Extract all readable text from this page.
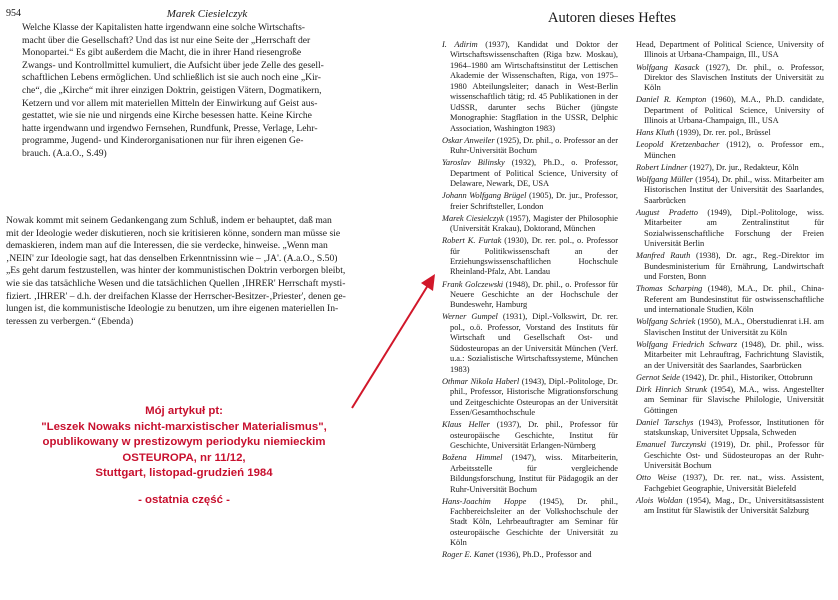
954	Marek Ciesielczyk
Welche Klasse der Kapitalisten hatte irgendwann eine solche Wirtschafts-
macht über die Gesellschaft? Und das ist nur eine Seite der „Herrschaft der
Monopartei.“ Es gibt außerdem die Macht, die in ihrer Hand riesengroße
Zwangs- und Kontrollmittel kumuliert, die Aufsicht über jede Zelle des gesell-
schaftlichen Lebens ermöglichen. Und schließlich ist sie auch noch eine „Kir-
che“, die „Kirche“ mit ihrer einzigen Doktrin, geistigen Vätern, Dogmatikern,
Ketzern und vor allem mit materiellen Mitteln der Einwirkung auf Geist aus-
gestattet, wie sie nie und nirgends eine Kirche besessen hatte. Keine Kirche
hatte irgendwann und irgendwo Fernsehen, Rundfunk, Presse, Verlage, Lehr-
programme, Jugend- und Kinderorganisationen nur für ihren eigenen Ge-
brauch. (A.a.O., S.49)
Nowak kommt mit seinem Gedankengang zum Schluß, indem er behauptet, daß man
mit der Ideologie weder diskutieren, noch sie kritisieren könne, sondern man müsse sie
demaskieren, indem man auf die Interessen, die sie verdecke, hinweise. „Wenn man
‚NEIN' zur Ideologie sagt, hat das denselben Erkenntnissinn wie – ‚JA'. (A.a.O., S.50)
„Es geht darum festzustellen, was hinter der kommunistischen Doktrin verborgen bleibt,
wie sie das tatsächliche Wesen und die tatsächlichen Quellen ‚IHRER' Herrschaft mysti-
fiziert. ‚IHRER' – d.h. der dreifachen Klasse der Herrscher-Besitzer-‚Priester', denen ge-
lungen ist, die kommunistische Ideologie zu benutzen, um ihre eigenen materiellen In-
teressen zu verbergen.“ (Ebenda)
Mój artykuł pt:
"Leszek Nowaks nicht-marxistischer Materialismus",
opublikowany w prestizowym periodyku niemieckim
OSTEUROPA, nr 11/12,
Stuttgart, listopad-grudzień 1984
- ostatnia część -
Autoren dieses Heftes
I. Adirim (1937), Kandidat und Doktor der Wirtschaftswissenschaften (Riga bzw. Moskau), 1964–1980 am Wirtschaftsinstitut der Lettischen Akademie der Wissenschaften, Riga, von 1975–1980 Abteilungsleiter; danach in West-Berlin wissenschaftlich tätig; rd. 45 Publikationen in der UdSSR, darunter sechs Bücher (jüngste Monographie: Stagflation in the USSR, Delphic Association, Washington 1983)
Oskar Anweiler (1925), Dr. phil., o. Professor an der Ruhr-Universität Bochum
Yaroslav Bilinsky (1932), Ph.D., o. Professor, Department of Political Science, University of Delaware, Newark, DE, USA
Johann Wolfgang Brügel (1905), Dr. jur., Professor, freier Schriftsteller, London
Marek Ciesielczyk (1957), Magister der Philosophie (Universität Krakau), Doktorand, München
Robert K. Furtak (1930), Dr. rer. pol., o. Professor für Politikwissenschaft an der Erziehungswissenschaftlichen Hochschule Rheinland-Pfalz, Abt. Landau
Frank Golczewski (1948), Dr. phil., o. Professor für Neuere Geschichte an der Hochschule der Bundeswehr, Hamburg
Werner Gumpel (1931), Dipl.-Volkswirt, Dr. rer. pol., o.ö. Professor, Vorstand des Instituts für Wirtschaft und Gesellschaft Ost- und Südosteuropas an der Universität München (Verf. u.a.: Sozialistische Wirtschaftssysteme, München 1983)
Othmar Nikola Haberl (1943), Dipl.-Politologe, Dr. phil., Professor, Historische Migrationsforschung und Zeitgeschichte Osteuropas an der Universität Essen/Gesamthochschule
Klaus Heller (1937), Dr. phil., Professor für osteuropäische Geschichte, Institut für Geschichte, Universität Erlangen-Nürnberg
Božena Himmel (1947), wiss. Mitarbeiterin, Arbeitsstelle für vergleichende Bildungsforschung, Institut für Pädagogik an der Ruhr-Universität Bochum
Hans-Joachim Hoppe (1945), Dr. phil., Fachbereichsleiter an der Volkshochschule der Stadt Köln, Lehrbeauftragter am Seminar für osteuropäische Geschichte der Universität zu Köln
Roger E. Kanet (1936), Ph.D., Professor and
Head, Department of Political Science, University of Illinois at Urbana-Champaign, Ill., USA
Wolfgang Kasack (1927), Dr. phil., o. Professor, Direktor des Slavischen Instituts der Universität zu Köln
Daniel R. Kempton (1960), M.A., Ph.D. candidate, Department of Political Science, University of Illinois at Urbana-Champaign, Ill., USA
Hans Kluth (1939), Dr. rer. pol., Brüssel
Leopold Kretzenbacher (1912), o. Professor em., München
Robert Lindner (1927), Dr. jur., Redakteur, Köln
Wolfgang Müller (1954), Dr. phil., wiss. Mitarbeiter am Historischen Institut der Universität des Saarlandes, Saarbrücken
August Pradetto (1949), Dipl.-Politologe, wiss. Mitarbeiter am Zentralinstitut für Sozialwissenschaftliche Forschung der Freien Universität Berlin
Manfred Rauth (1938), Dr. agr., Reg.-Direktor im Bundesministerium für Ernährung, Landwirtschaft und Forsten, Bonn
Thomas Scharping (1948), M.A., Dr. phil., China-Referent am Bundesinstitut für ostwissenschaftliche und internationale Studien, Köln
Wolfgang Schriek (1950), M.A., Oberstudienrat i.H. am Slavischen Institut der Universität zu Köln
Wolfgang Friedrich Schwarz (1948), Dr. phil., wiss. Mitarbeiter mit Lehrauftrag, Fachrichtung Slavistik, an der Universität des Saarlandes, Saarbrücken
Gernot Seide (1942), Dr. phil., Historiker, Ottobrunn
Dirk Hinrich Strunk (1954), M.A., wiss. Angestellter am Seminar für Slavische Philologie, Universität Göttingen
Daniel Tarschys (1943), Professor, Institutionen för statskunskap, Universitet Uppsala, Schweden
Emanuel Turczynski (1919), Dr. phil., Professor für Geschichte Ost- und Südosteuropas an der Ruhr-Universität Bochum
Otto Weise (1937), Dr. rer. nat., wiss. Assistent, Fachgebiet Geographie, Universität Bielefeld
Alois Woldan (1954), Mag., Dr., Universitätsassistent am Institut für Slawistik der Universität Salzburg
